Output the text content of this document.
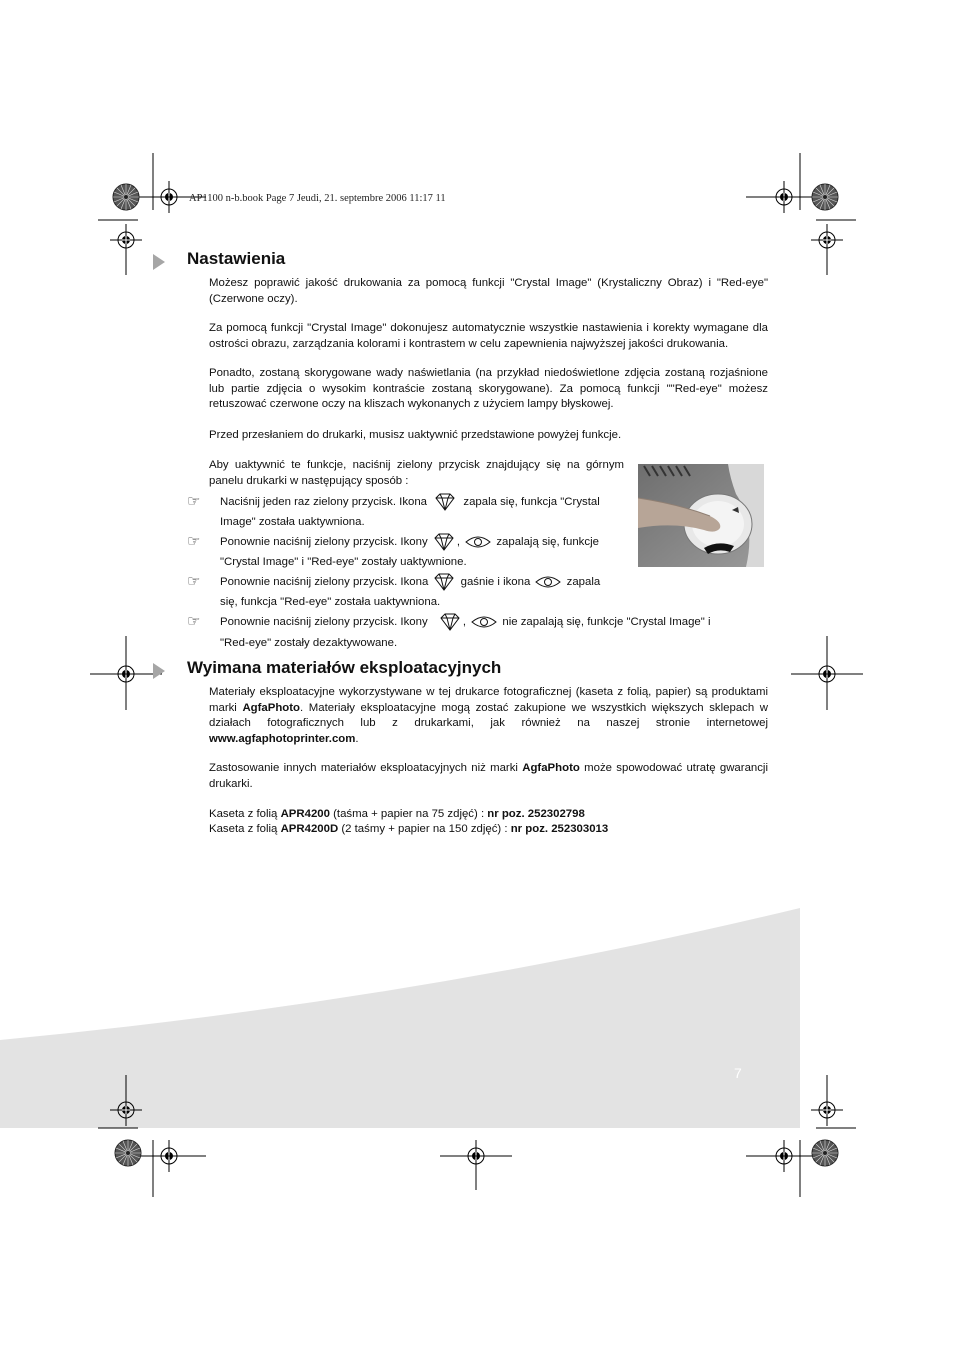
7
AP1100 n-b.book Page 7 Jeudi, 21. septembre 2006 11:17 11
Nastawienia
Możesz poprawić jakość drukowania za pomocą funkcji "Crystal Image" (Krystaliczny Obraz) i "Red-eye" (Czerwone oczy).
Za pomocą funkcji "Crystal Image" dokonujesz automatycznie wszystkie nastawienia i korekty wymagane dla ostrości obrazu, zarządzania kolorami i kontrastem w celu zapewnienia najwyższej jakości drukowania.
Ponadto, zostaną skorygowane wady naświetlania (na przykład niedoświetlone zdjęcia zostaną rozjaśnione lub partie zdjęcia o wysokim kontraście zostaną skorygowane). Za pomocą funkcji ""Red-eye" możesz retuszować czerwone oczy na kliszach wykonanych z użyciem lampy błyskowej.
Przed przesłaniem do drukarki, musisz uaktywnić przedstawione powyżej funkcje.
Aby uaktywnić te funkcje, naciśnij zielony przycisk znajdujący się na górnym panelu drukarki w następujący sposób :
☞ Naciśnij jeden raz zielony przycisk. Ikona	zapala się, funkcja "Crystal
Image" została uaktywniona.
☞ Ponownie naciśnij zielony przycisk. Ikony	,	zapalają się, funkcje
"Crystal Image" i "Red-eye" zostały uaktywnione.
☞ Ponownie naciśnij zielony przycisk. Ikona	gaśnie i ikona	zapala
się, funkcja "Red-eye" została uaktywniona.
☞ Ponownie naciśnij zielony przycisk. Ikony	,	nie zapalają się, funkcje "Crystal Image" i
"Red-eye" zostały dezaktywowane.
Wyimana materiałów eksploatacyjnych
Materiały eksploatacyjne wykorzystywane w tej drukarce fotograficznej (kaseta z folią, papier) są produktami marki AgfaPhoto. Materiały eksploatacyjne mogą zostać zakupione we wszystkich większych sklepach w działach fotograficznych lub z drukarkami, jak również na naszej stronie internetowej www.agfaphotoprinter.com.
Zastosowanie innych materiałów eksploatacyjnych niż marki AgfaPhoto może spowodować utratę gwarancji drukarki.
Kaseta z folią APR4200 (taśma + papier na 75 zdjęć) : nr poz. 252302798
Kaseta z folią APR4200D (2 taśmy + papier na 150 zdjęć) : nr poz. 252303013
